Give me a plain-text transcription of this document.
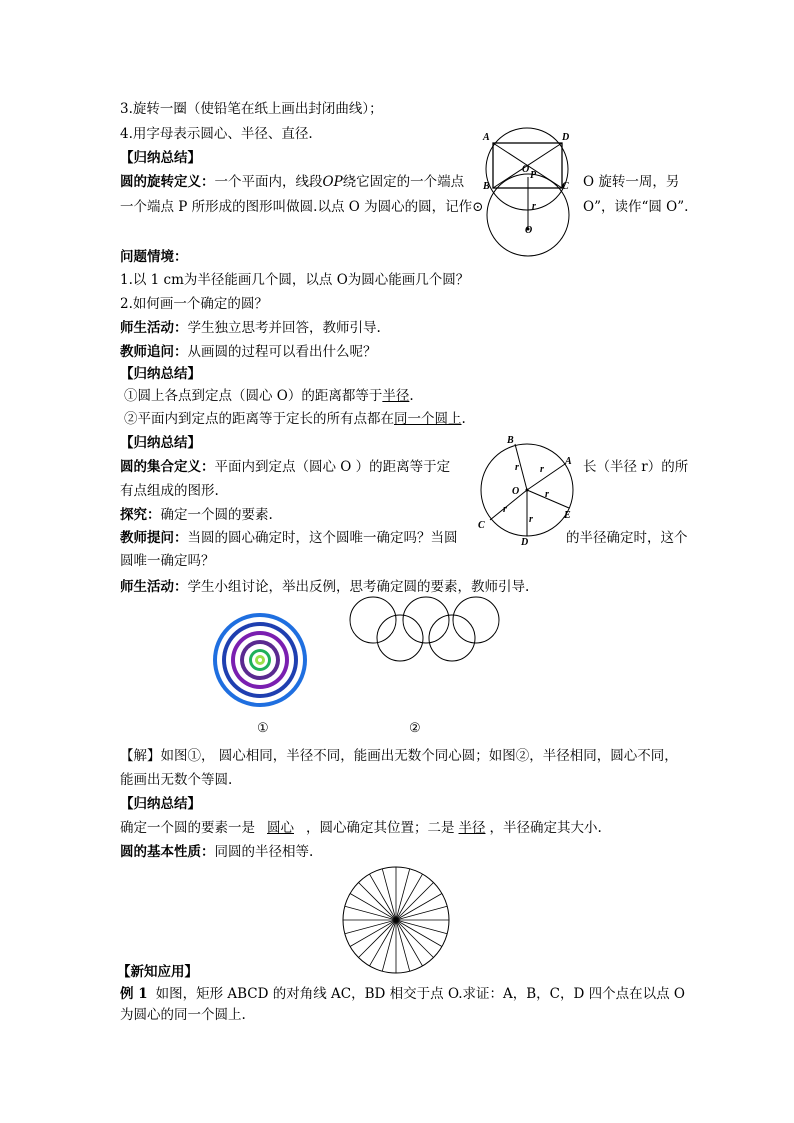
3.旋转一圈（使铅笔在纸上画出封闭曲线）；
4.用字母表示圆心、半径、直径.
【归纳总结】
圆的旋转定义：一个平面内，线段OP绕它固定的一个端点	O 旋转一周，另
一个端点 P 所形成的图形叫做圆.以点 O 为圆心的圆，记作⊙	O”，读作“圆 O”.
A	D
B	C
O
P
r
O
问题情境：
1.以 1 cm为半径能画几个圆，以点 O为圆心能画几个圆？
2.如何画一个确定的圆？
师生活动：学生独立思考并回答，教师引导.
教师追问：从画圆的过程可以看出什么呢？
【归纳总结】
①圆上各点到定点（圆心 O）的距离都等于半径.
②平面内到定点的距离等于定长的所有点都在同一个圆上.
【归纳总结】
圆的集合定义：平面内到定点（圆心 O ）的距离等于定	长（半径 r）的所
有点组成的图形.
B
A
O
C
E
D
r r
r
r
r
探究：确定一个圆的要素.
教师提问：当圆的圆心确定时，这个圆唯一确定吗？当圆	的半径确定时，这个
圆唯一确定吗？
师生活动：学生小组讨论，举出反例，思考确定圆的要素，教师引导.
①	②
【解】如图①， 圆心相同，半径不同，能画出无数个同心圆；如图②，半径相同，圆心不同，
能画出无数个等圆.
【归纳总结】
确定一个圆的要素一是 圆心 ，圆心确定其位置；二是 半径 ，半径确定其大小.
圆的基本性质：同圆的半径相等.
【新知应用】
例 1 如图，矩形 ABCD 的对角线 AC，BD 相交于点 O.求证：A，B，C，D 四个点在以点 O
为圆心的同一个圆上.
